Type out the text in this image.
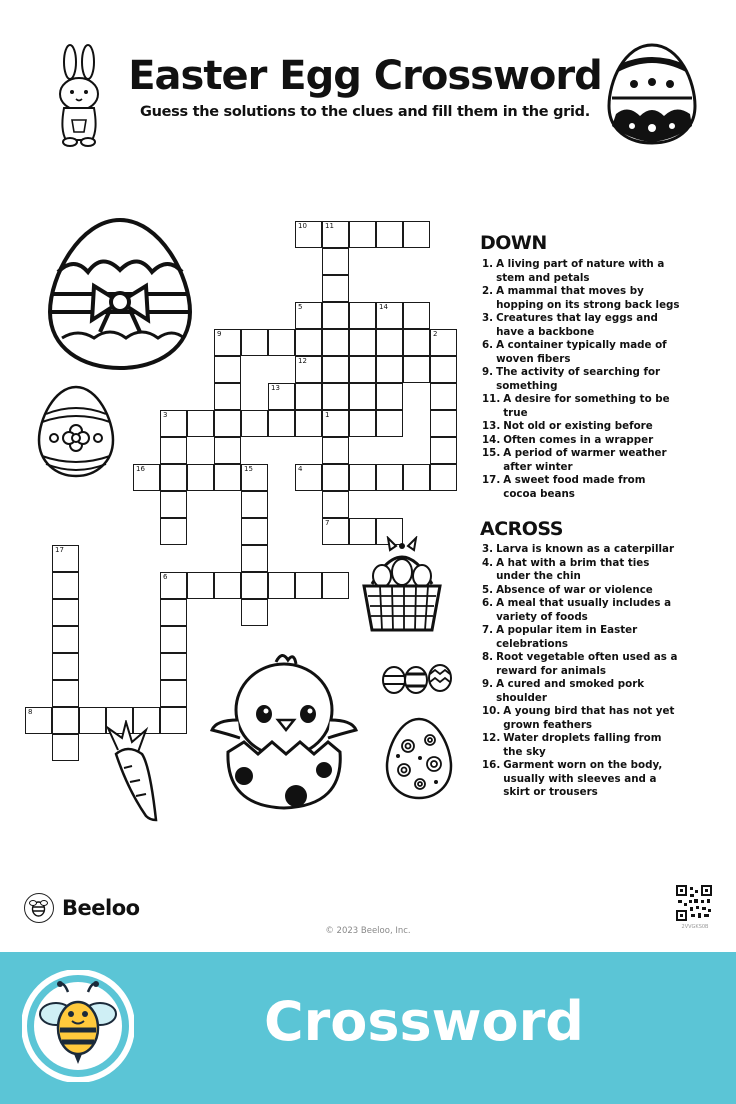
Easter Egg Crossword
Guess the solutions to the clues and fill them in the grid.
10	11
5	14
9	2
12
13
3	1
16	15	4
7
17
6
8
DOWN
1. A living part of nature with a stem and petals
2. A mammal that moves by hopping on its strong back legs
3. Creatures that lay eggs and have a backbone
6. A container typically made of woven fibers
9. The activity of searching for something
11. A desire for something to be true
13. Not old or existing before
14. Often comes in a wrapper
15. A period of warmer weather after winter
17. A sweet food made from cocoa beans
ACROSS
3. Larva is known as a caterpillar
4. A hat with a brim that ties under the chin
5. Absence of war or violence
6. A meal that usually includes a variety of foods
7. A popular item in Easter celebrations
8. Root vegetable often used as a reward for animals
9. A cured and smoked pork shoulder
10. A young bird that has not yet grown feathers
12. Water droplets falling from the sky
16. Garment worn on the body, usually with sleeves and a skirt or trousers
Beeloo
2VVGKS0B
© 2023 Beeloo, Inc.
Crossword
